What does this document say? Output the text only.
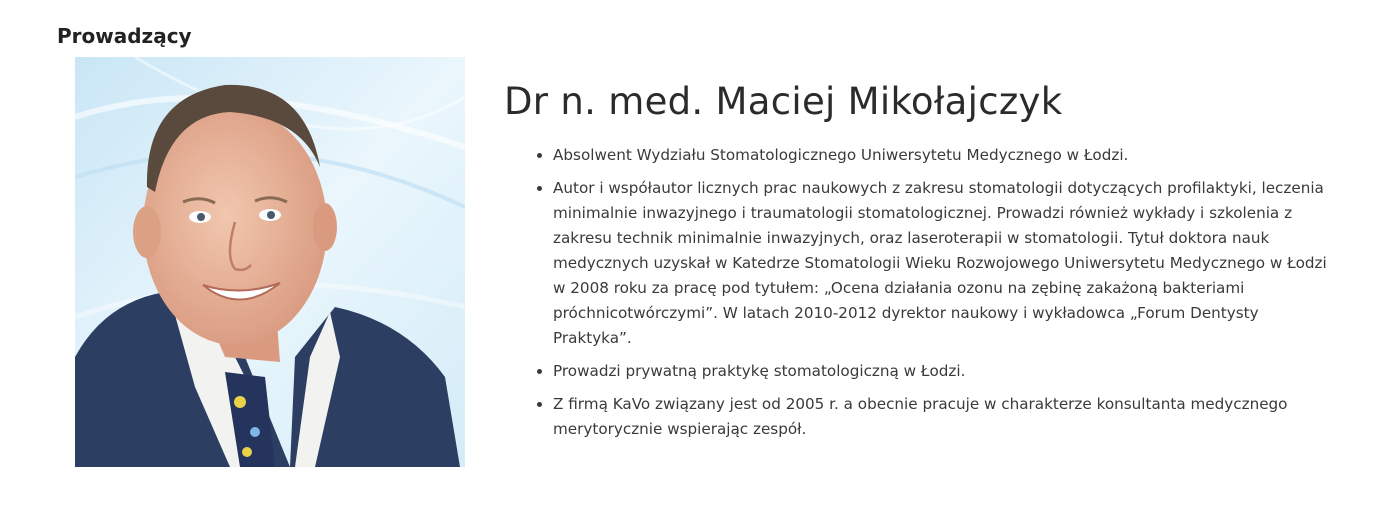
Prowadzący
Dr n. med. Maciej Mikołajczyk
• Absolwent Wydziału Stomatologicznego Uniwersytetu Medycznego w Łodzi.
• Autor i współautor licznych prac naukowych z zakresu stomatologii dotyczących profilaktyki, leczenia minimalnie inwazyjnego i traumatologii stomatologicznej. Prowadzi również wykłady i szkolenia z zakresu technik minimalnie inwazyjnych, oraz laseroterapii w stomatologii. Tytuł doktora nauk medycznych uzyskał w Katedrze Stomatologii Wieku Rozwojowego Uniwersytetu Medycznego w Łodzi w 2008 roku za pracę pod tytułem: „Ocena działania ozonu na zębinę zakażoną bakteriami próchnicotwórczymi”. W latach 2010-2012 dyrektor naukowy i wykładowca „Forum Dentysty Praktyka”.
• Prowadzi prywatną praktykę stomatologiczną w Łodzi.
• Z firmą KaVo związany jest od 2005 r. a obecnie pracuje w charakterze konsultanta medycznego merytorycznie wspierając zespół.
